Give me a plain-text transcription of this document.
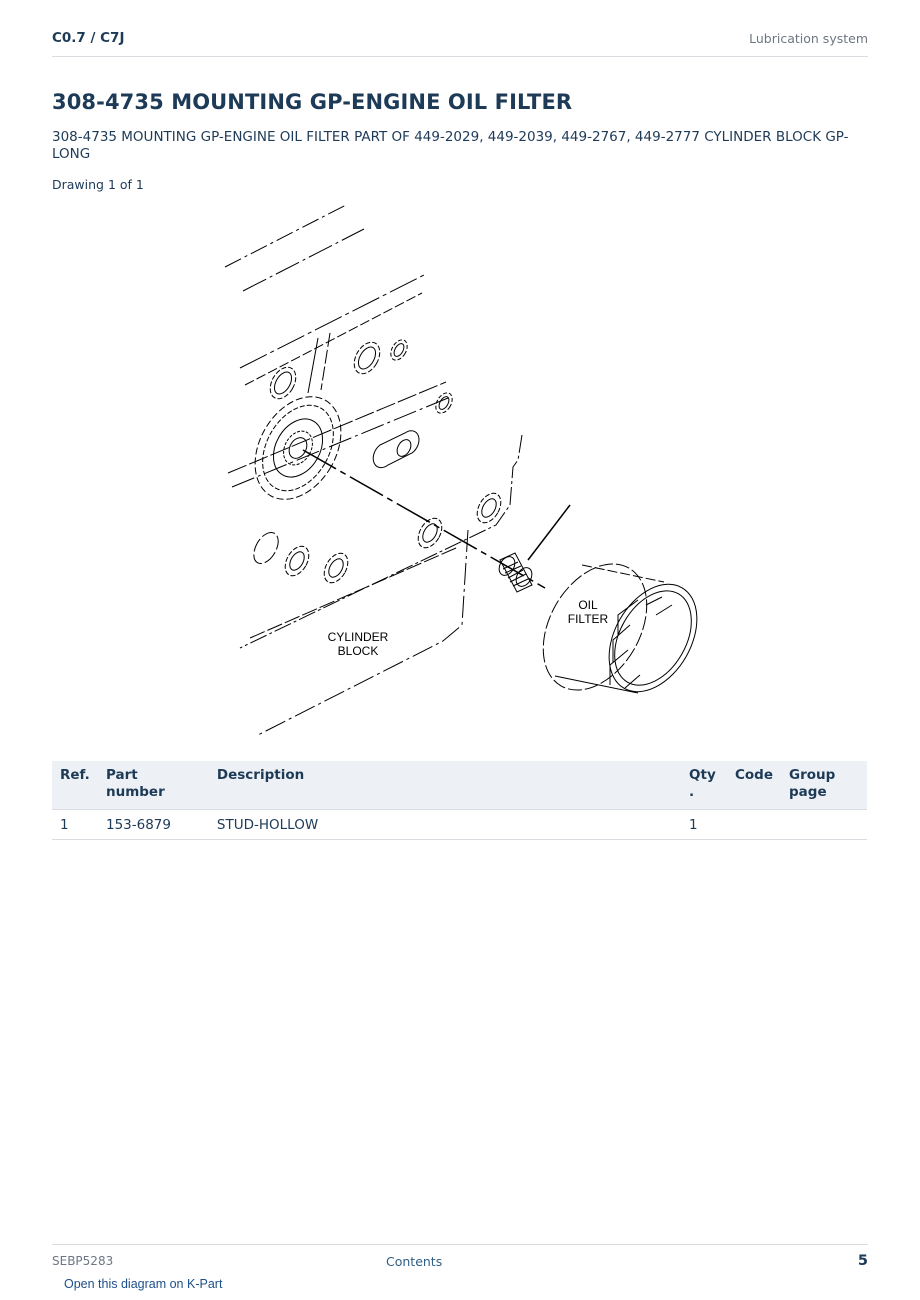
C0.7 / C7J	Lubrication system
308-4735 MOUNTING GP-ENGINE OIL FILTER
308-4735 MOUNTING GP-ENGINE OIL FILTER PART OF 449-2029, 449-2039, 449-2767, 449-2777 CYLINDER BLOCK GP-LONG
Drawing 1 of 1
OIL
FILTER
CYLINDER
BLOCK
Ref.	Part number	Description	Qty .	Code	Group page
1	153-6879	STUD-HOLLOW	1		
SEBP5283	Contents	5
Open this diagram on K-Part
